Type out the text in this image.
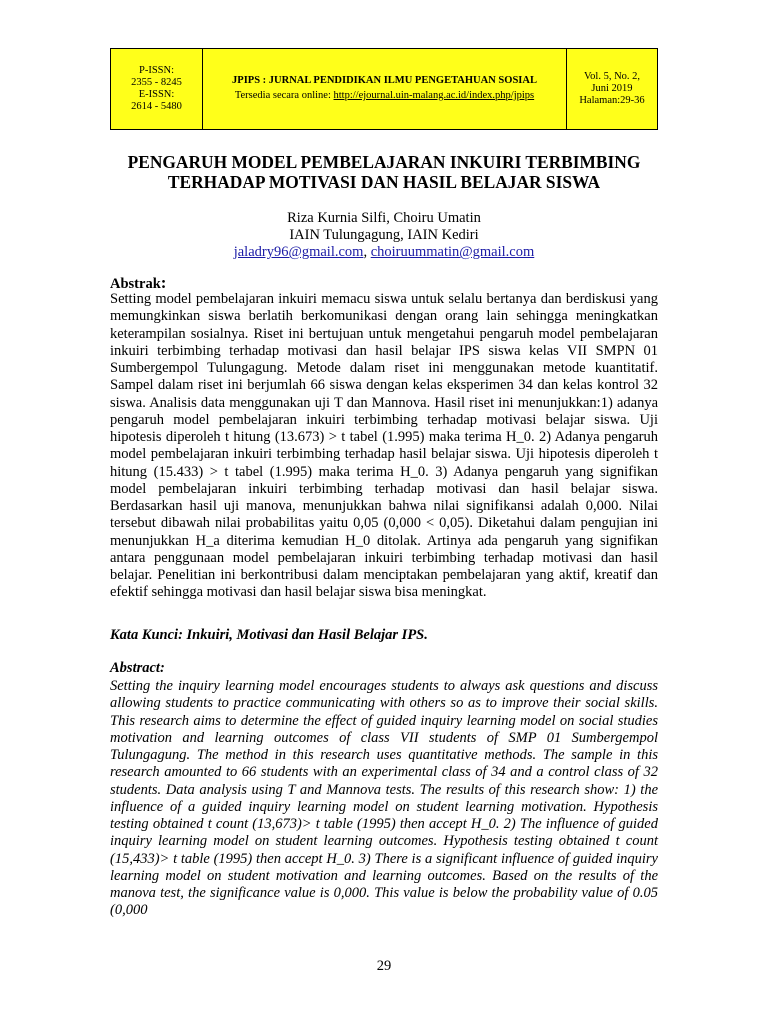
P-ISSN:
2355 - 8245
E-ISSN:
2614 - 5480
JPIPS : JURNAL PENDIDIKAN ILMU PENGETAHUAN SOSIAL
Tersedia secara online: http://ejournal.uin-malang.ac.id/index.php/jpips
Vol. 5, No. 2,
Juni 2019
Halaman:29-36
PENGARUH MODEL PEMBELAJARAN INKUIRI TERBIMBING
TERHADAP MOTIVASI DAN HASIL BELAJAR SISWA
Riza Kurnia Silfi, Choiru Umatin
IAIN Tulungagung, IAIN Kediri
jaladry96@gmail.com, choiruummatin@gmail.com
Abstrak:
Setting model pembelajaran inkuiri memacu siswa untuk selalu bertanya dan berdiskusi yang memungkinkan siswa berlatih berkomunikasi dengan orang lain sehingga meningkatkan keterampilan sosialnya. Riset ini bertujuan untuk mengetahui pengaruh model pembelajaran inkuiri terbimbing terhadap motivasi dan hasil belajar IPS siswa kelas VII SMPN 01 Sumbergempol Tulungagung. Metode dalam riset ini menggunakan metode kuantitatif. Sampel dalam riset ini berjumlah 66 siswa dengan kelas eksperimen 34 dan kelas kontrol 32 siswa. Analisis data menggunakan uji T dan Mannova. Hasil riset ini menunjukkan:1) adanya pengaruh model pembelajaran inkuiri terbimbing terhadap motivasi belajar siswa. Uji hipotesis diperoleh t hitung (13.673) > t tabel (1.995) maka terima H_0. 2) Adanya pengaruh model pembelajaran inkuiri terbimbing terhadap hasil belajar siswa. Uji hipotesis diperoleh t hitung (15.433) > t tabel (1.995) maka terima H_0. 3) Adanya pengaruh yang signifikan model pembelajaran inkuiri terbimbing terhadap motivasi dan hasil belajar siswa. Berdasarkan hasil uji manova, menunjukkan bahwa nilai signifikansi adalah 0,000. Nilai tersebut dibawah nilai probabilitas yaitu 0,05 (0,000 < 0,05). Diketahui dalam pengujian ini menunjukkan H_a diterima kemudian H_0 ditolak. Artinya ada pengaruh yang signifikan antara penggunaan model pembelajaran inkuiri terbimbing terhadap motivasi dan hasil belajar. Penelitian ini berkontribusi dalam menciptakan pembelajaran yang aktif, kreatif dan efektif sehingga motivasi dan hasil belajar siswa bisa meningkat.
Kata Kunci: Inkuiri, Motivasi dan Hasil Belajar IPS.
Abstract:
Setting the inquiry learning model encourages students to always ask questions and discuss allowing students to practice communicating with others so as to improve their social skills. This research aims to determine the effect of guided inquiry learning model on social studies motivation and learning outcomes of class VII students of SMP 01 Sumbergempol Tulungagung. The method in this research uses quantitative methods. The sample in this research amounted to 66 students with an experimental class of 34 and a control class of 32 students. Data analysis using T and Mannova tests. The results of this research show: 1) the influence of a guided inquiry learning model on student learning motivation. Hypothesis testing obtained t count (13,673)> t table (1995) then accept H_0. 2) The influence of guided inquiry learning model on student learning outcomes. Hypothesis testing obtained t count (15,433)> t table (1995) then accept H_0. 3) There is a significant influence of guided inquiry learning model on student motivation and learning outcomes. Based on the results of the manova test, the significance value is 0,000. This value is below the probability value of 0.05 (0,000
29
